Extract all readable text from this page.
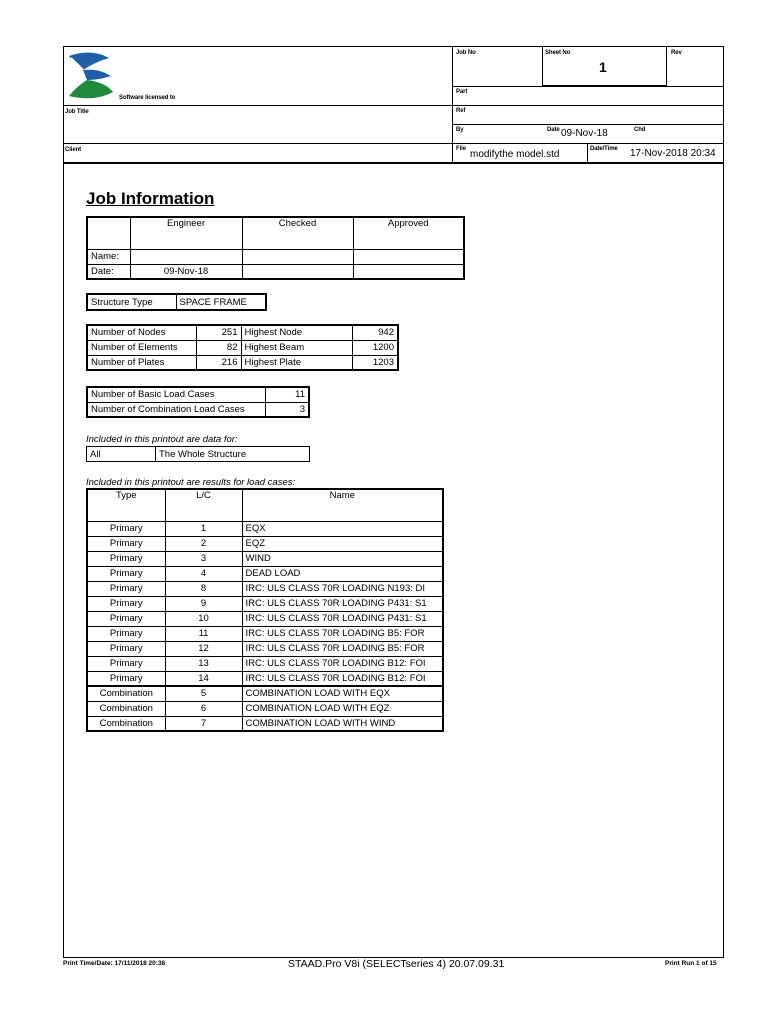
Software licensed to
Job Title
Client
Job No	Sheet No
1
Rev
Part
Ref
By	Date 09-Nov-18	Chd
File modifythe model.std	Date/Time 17-Nov-2018 20:34
Job Information
	Engineer	Checked	Approved
Name:			
Date:	09-Nov-18		
Structure Type	SPACE FRAME
Number of Nodes	251	Highest Node	942
Number of Elements	82	Highest Beam	1200
Number of Plates	216	Highest Plate	1203
Number of Basic Load Cases	11
Number of Combination Load Cases	3
Included in this printout are data for:
All	The Whole Structure
Included in this printout are results for load cases:
Type	L/C	Name
Primary	1	EQX
Primary	2	EQZ
Primary	3	WIND
Primary	4	DEAD LOAD
Primary	8	IRC: ULS CLASS 70R LOADING N193: DI
Primary	9	IRC: ULS CLASS 70R LOADING P431: S1
Primary	10	IRC: ULS CLASS 70R LOADING P431: S1
Primary	11	IRC: ULS CLASS 70R LOADING B5: FOR
Primary	12	IRC: ULS CLASS 70R LOADING B5: FOR
Primary	13	IRC: ULS CLASS 70R LOADING B12: FOI
Primary	14	IRC: ULS CLASS 70R LOADING B12: FOI
Combination	5	COMBINATION LOAD WITH EQX
Combination	6	COMBINATION LOAD WITH EQZ
Combination	7	COMBINATION LOAD WITH WIND
Print Time/Date: 17/11/2018 20:38	STAAD.Pro V8i (SELECTseries 4) 20.07.09.31	Print Run 1 of 15
